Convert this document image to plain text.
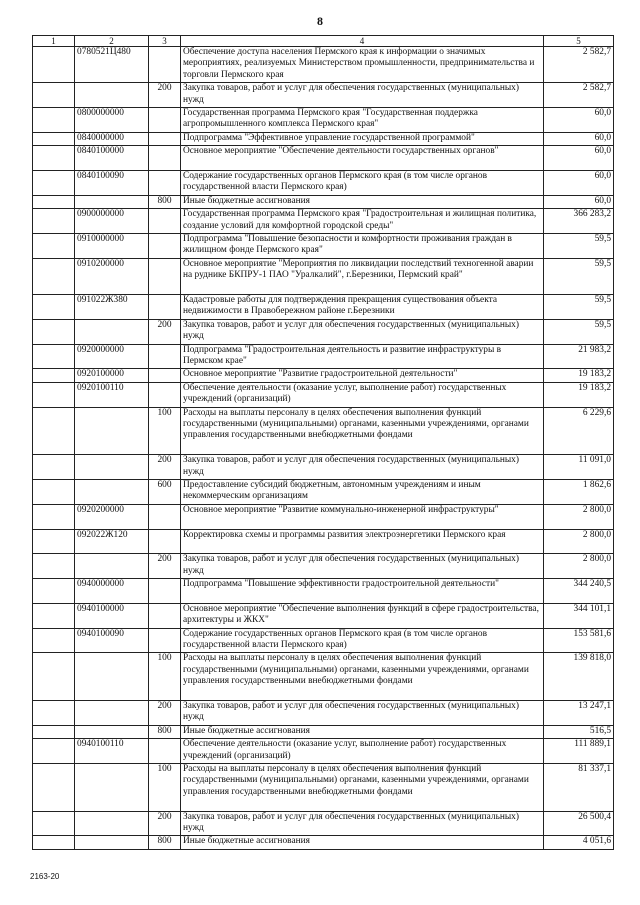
8
1	2	3	4	5
	0780521Ц480		Обеспечение доступа населения Пермского края к информации о значимых мероприятиях, реализуемых Министерством промышленности, предпринимательства и торговли Пермского края	2 582,7
		200	Закупка товаров, работ и услуг для обеспечения государственных (муниципальных) нужд	2 582,7
	0800000000		Государственная программа Пермского края "Государственная поддержка агропромышленного комплекса Пермского края"	60,0
	0840000000		Подпрограмма "Эффективное управление государственной программой"	60,0
	0840100000		Основное мероприятие "Обеспечение деятельности государственных органов"	60,0
	0840100090		Содержание государственных органов Пермского края (в том числе органов государственной власти Пермского края)	60,0
		800	Иные бюджетные ассигнования	60,0
	0900000000		Государственная программа Пермского края "Градостроительная и жилищная политика, создание условий для комфортной городской среды"	366 283,2
	0910000000		Подпрограмма "Повышение безопасности и комфортности проживания граждан в жилищном фонде Пермского края"	59,5
	0910200000		Основное мероприятие "Мероприятия по ликвидации последствий техногенной аварии на руднике БКПРУ-1 ПАО "Уралкалий", г.Березники, Пермский край"	59,5
	091022Ж380		Кадастровые работы для подтверждения прекращения существования объекта недвижимости в Правобережном районе г.Березники	59,5
		200	Закупка товаров, работ и услуг для обеспечения государственных (муниципальных) нужд	59,5
	0920000000		Подпрограмма "Градостроительная деятельность и развитие инфраструктуры в Пермском крае"	21 983,2
	0920100000		Основное мероприятие "Развитие градостроительной деятельности"	19 183,2
	0920100110		Обеспечение деятельности (оказание услуг, выполнение работ) государственных учреждений (организаций)	19 183,2
		100	Расходы на выплаты персоналу в целях обеспечения выполнения функций государственными (муниципальными) органами, казенными учреждениями, органами управления государственными внебюджетными фондами	6 229,6
		200	Закупка товаров, работ и услуг для обеспечения государственных (муниципальных) нужд	11 091,0
		600	Предоставление субсидий бюджетным, автономным учреждениям и иным некоммерческим организациям	1 862,6
	0920200000		Основное мероприятие "Развитие коммунально-инженерной инфраструктуры"	2 800,0
	092022Ж120		Корректировка схемы и программы развития электроэнергетики Пермского края	2 800,0
		200	Закупка товаров, работ и услуг для обеспечения государственных (муниципальных) нужд	2 800,0
	0940000000		Подпрограмма "Повышение эффективности градостроительной деятельности"	344 240,5
	0940100000		Основное мероприятие "Обеспечение выполнения функций в сфере градостроительства, архитектуры и ЖКХ"	344 101,1
	0940100090		Содержание государственных органов Пермского края (в том числе органов государственной власти Пермского края)	153 581,6
		100	Расходы на выплаты персоналу в целях обеспечения выполнения функций государственными (муниципальными) органами, казенными учреждениями, органами управления государственными внебюджетными фондами	139 818,0
		200	Закупка товаров, работ и услуг для обеспечения государственных (муниципальных) нужд	13 247,1
		800	Иные бюджетные ассигнования	516,5
	0940100110		Обеспечение деятельности (оказание услуг, выполнение работ) государственных учреждений (организаций)	111 889,1
		100	Расходы на выплаты персоналу в целях обеспечения выполнения функций государственными (муниципальными) органами, казенными учреждениями, органами управления государственными внебюджетными фондами	81 337,1
		200	Закупка товаров, работ и услуг для обеспечения государственных (муниципальных) нужд	26 500,4
		800	Иные бюджетные ассигнования	4 051,6
2163-20
